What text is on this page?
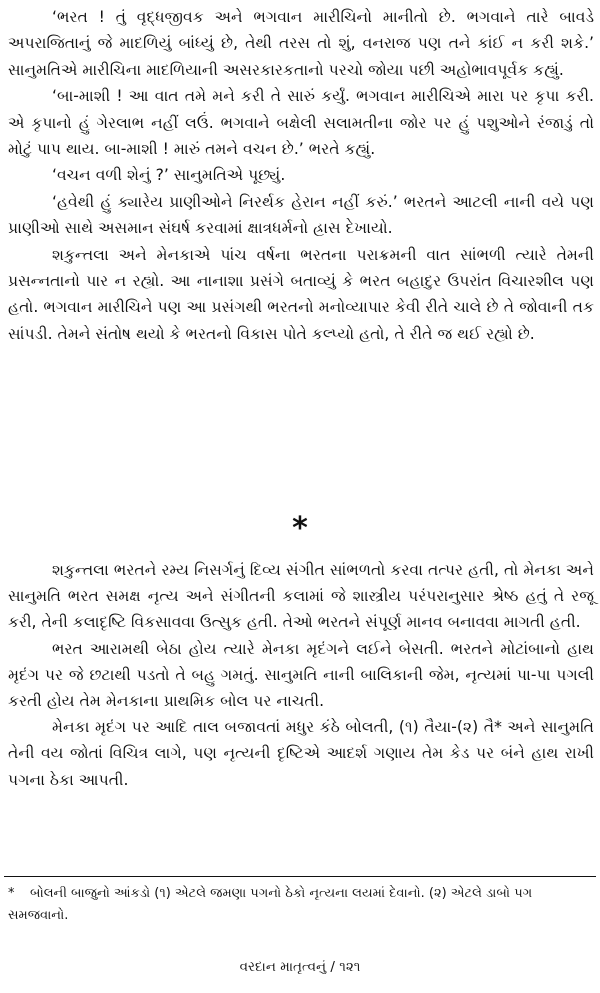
‘ભરત ! તું વૃદ્ધજીવક અને ભગવાન મારીચિનો માનીતો છે. ભગવાને તારે બાવડે અપરાજિતાનું જે માદળિયું બાંધ્યું છે, તેથી તરસ તો શું, વનરાજ પણ તને કાંઈ ન કરી શકે.’ સાનુમતિએ મારીચિના માદળિયાની અસરકારકતાનો પરચો જોયા પછી અહોભાવપૂર્વક કહ્યું.

‘બા-માશી ! આ વાત તમે મને કરી તે સારું કર્યું. ભગવાન મારીચિએ મારા પર કૃપા કરી. એ કૃપાનો હું ગેરલાભ નહીં લઉં. ભગવાને બક્ષેલી સલામતીના જોર પર હું પશુઓને રંજાડું તો મોટું પાપ થાય. બા-માશી ! મારું તમને વચન છે.’ ભરતે કહ્યું.

‘વચન વળી શેનું ?’ સાનુમતિએ પૂછ્યું.

‘હવેથી હું ક્યારેય પ્રાણીઓને નિરર્થક હેરાન નહીં કરું.’ ભરતને આટલી નાની વયે પણ પ્રાણીઓ સાથે અસમાન સંઘર્ષ કરવામાં ક્ષાત્રધર્મનો હ્રાસ દેખાયો.

શકુન્તલા અને મેનકાએ પાંચ વર્ષના ભરતના પરાક્રમની વાત સાંભળી ત્યારે તેમની પ્રસન્નતાનો પાર ન રહ્યો. આ નાનાશા પ્રસંગે બતાવ્યું કે ભરત બહાદુર ઉપરાંત વિચારશીલ પણ હતો. ભગવાન મારીચિને પણ આ પ્રસંગથી ભરતનો મનોવ્યાપાર કેવી રીતે ચાલે છે તે જોવાની તક સાંપડી. તેમને સંતોષ થયો કે ભરતનો વિકાસ પોતે કલ્પ્યો હતો, તે રીતે જ થઈ રહ્યો છે.

*

શકુન્તલા ભરતને રમ્ય નિસર્ગનું દિવ્ય સંગીત સાંભળતો કરવા તત્પર હતી, તો મેનકા અને સાનુમતિ ભરત સમક્ષ નૃત્ય અને સંગીતની કલામાં જે શાસ્ત્રીય પરંપરાનુસાર શ્રેષ્ઠ હતું તે રજૂ કરી, તેની કલાદૃષ્ટિ વિકસાવવા ઉત્સુક હતી. તેઓ ભરતને સંપૂર્ણ માનવ બનાવવા માગતી હતી.

ભરત આરામથી બેઠા હોય ત્યારે મેનકા મૃદંગને લઈને બેસતી. ભરતને મોટાંબાનો હાથ મૃદંગ પર જે છટાથી પડતો તે બહુ ગમતું. સાનુમતિ નાની બાલિકાની જેમ, નૃત્યમાં પા-પા પગલી કરતી હોય તેમ મેનકાના પ્રાથમિક બોલ પર નાચતી.

મેનકા મૃદંગ પર આદિ તાલ બજાવતાં મધુર કંઠે બોલતી, (૧) તૈયા-(૨) તૈ* અને સાનુમતિ તેની વય જોતાં વિચિત્ર લાગે, પણ નૃત્યની દૃષ્ટિએ આદર્શ ગણાય તેમ કેડ પર બંને હાથ રાખી પગના ઠેકા આપતી.

* બોલની બાજુનો આંકડો (૧) એટલે જમણા પગનો ઠેકો નૃત્યના લયમાં દેવાનો. (૨) એટલે ડાબો પગ સમજવાનો.
વરદાન માતૃત્વનું / ૧૨૧
